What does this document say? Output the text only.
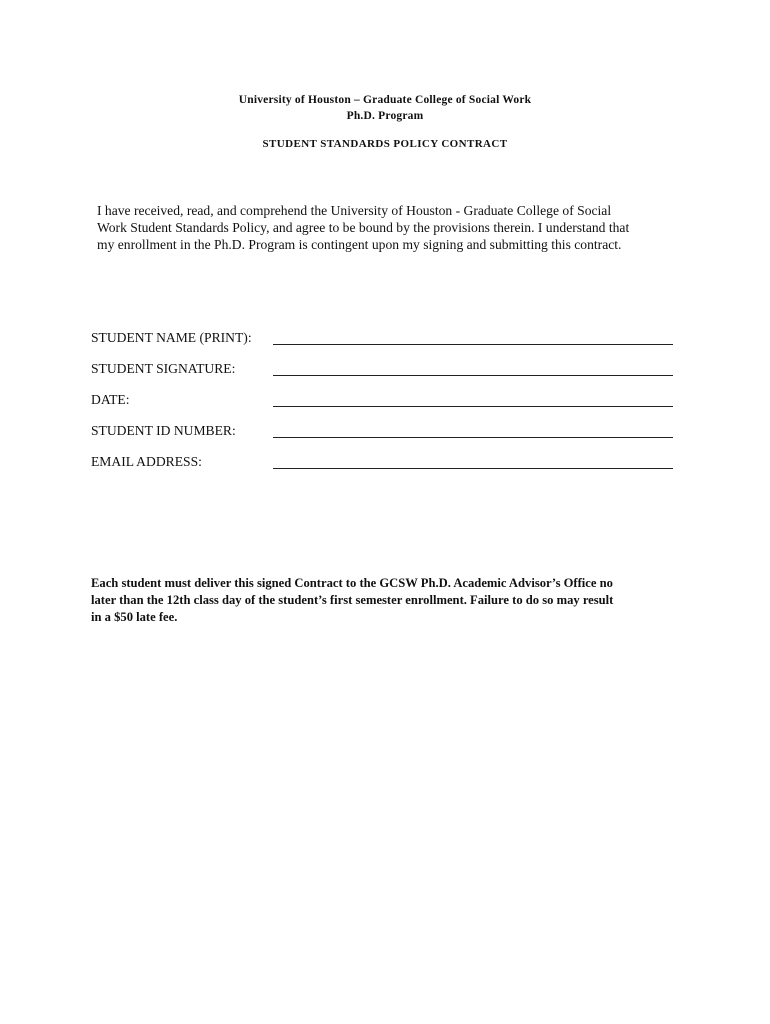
University of Houston – Graduate College of Social Work
Ph.D. Program
STUDENT STANDARDS POLICY CONTRACT
I have received, read, and comprehend the University of Houston - Graduate College of Social
Work Student Standards Policy, and agree to be bound by the provisions therein. I understand that
my enrollment in the Ph.D. Program is contingent upon my signing and submitting this contract.
STUDENT NAME (PRINT):
STUDENT SIGNATURE:
DATE:
STUDENT ID NUMBER:
EMAIL ADDRESS:
Each student must deliver this signed Contract to the GCSW Ph.D. Academic Advisor’s Office no
later than the 12th class day of the student’s first semester enrollment. Failure to do so may result
in a $50 late fee.
